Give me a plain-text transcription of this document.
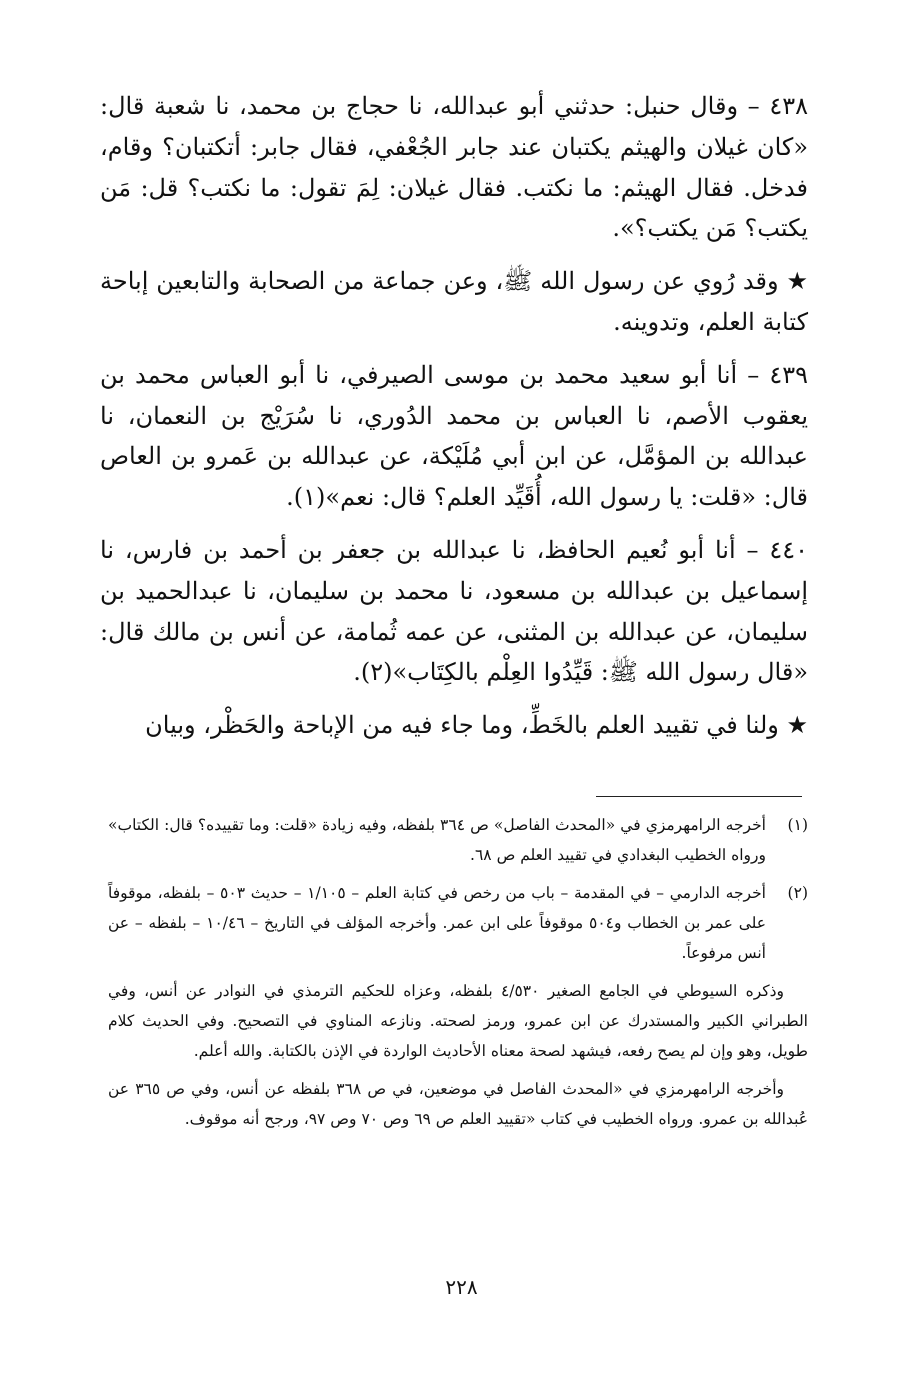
٤٣٨ – وقال حنبل: حدثني أبو عبدالله، نا حجاج بن محمد، نا شعبة قال: «كان غيلان والهيثم يكتبان عند جابر الجُعْفي، فقال جابر: أتكتبان؟ وقام، فدخل. فقال الهيثم: ما نكتب. فقال غيلان: لِمَ تقول: ما نكتب؟ قل: مَن يكتب؟ مَن يكتب؟».

★ وقد رُوي عن رسول الله ﷺ، وعن جماعة من الصحابة والتابعين إباحة كتابة العلم، وتدوينه.

٤٣٩ – أنا أبو سعيد محمد بن موسى الصيرفي، نا أبو العباس محمد بن يعقوب الأصم، نا العباس بن محمد الدُوري، نا سُرَيْج بن النعمان، نا عبدالله بن المؤمَّل، عن ابن أبي مُلَيْكة، عن عبدالله بن عَمرو بن العاص قال: «قلت: يا رسول الله، أُقَيِّد العلم؟ قال: نعم»(١).

٤٤٠ – أنا أبو نُعيم الحافظ، نا عبدالله بن جعفر بن أحمد بن فارس، نا إسماعيل بن عبدالله بن مسعود، نا محمد بن سليمان، نا عبدالحميد بن سليمان، عن عبدالله بن المثنى، عن عمه ثُمامة، عن أنس بن مالك قال: «قال رسول الله ﷺ: قَيِّدُوا العِلْم بالكِتَاب»(٢).

★ ولنا في تقييد العلم بالخَطِّ، وما جاء فيه من الإباحة والحَظْر، وبيان

(١)
أخرجه الرامهرمزي في «المحدث الفاصل» ص ٣٦٤ بلفظه، وفيه زيادة «قلت: وما تقييده؟ قال: الكتاب» ورواه الخطيب البغدادي في تقييد العلم ص ٦٨.
(٢)
أخرجه الدارمي – في المقدمة – باب من رخص في كتابة العلم – ١/١٠٥ – حديث ٥٠٣ – بلفظه، موقوفاً على عمر بن الخطاب و٥٠٤ موقوفاً على ابن عمر. وأخرجه المؤلف في التاريخ – ١٠/٤٦ – بلفظه – عن أنس مرفوعاً.

وذكره السيوطي في الجامع الصغير ٤/٥٣٠ بلفظه، وعزاه للحكيم الترمذي في النوادر عن أنس، وفي الطبراني الكبير والمستدرك عن ابن عمرو، ورمز لصحته. ونازعه المناوي في التصحيح. وفي الحديث كلام طويل، وهو وإن لم يصح رفعه، فيشهد لصحة معناه الأحاديث الواردة في الإذن بالكتابة. والله أعلم.

وأخرجه الرامهرمزي في «المحدث الفاصل في موضعين، في ص ٣٦٨ بلفظه عن أنس، وفي ص ٣٦٥ عن عُبدالله بن عمرو. ورواه الخطيب في كتاب «تقييد العلم ص ٦٩ وص ٧٠ وص ٩٧، ورجح أنه موقوف.

٢٢٨
